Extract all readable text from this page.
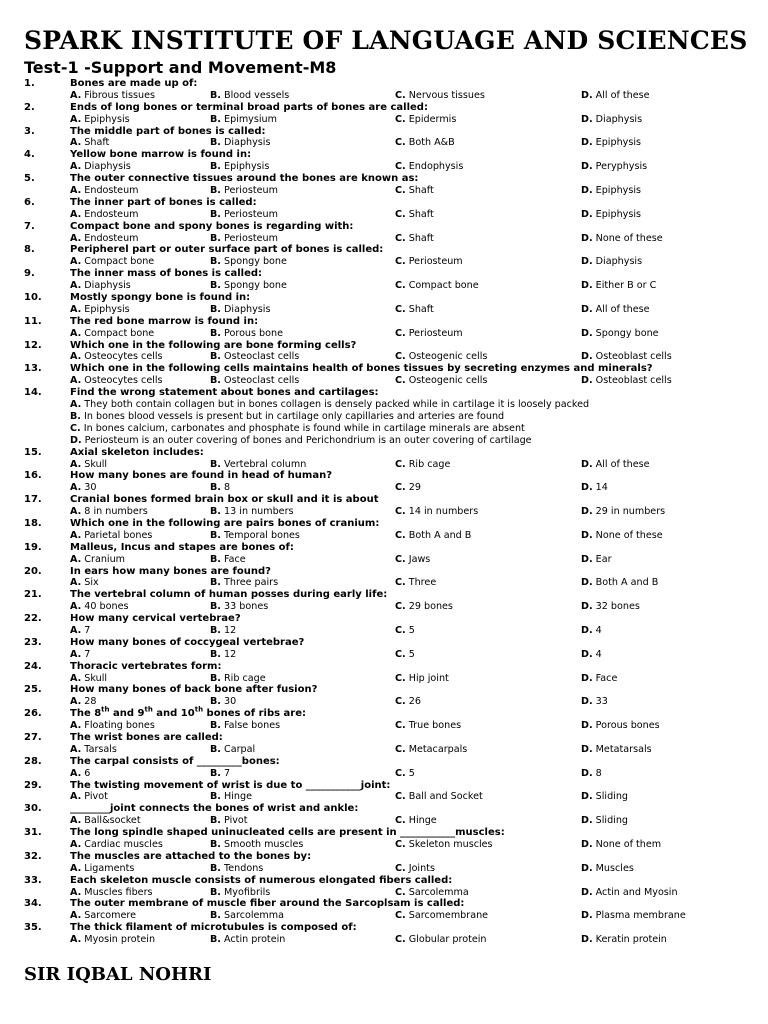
SPARK INSTITUTE OF LANGUAGE AND SCIENCES
Test-1 -Support and Movement-M8
1.	Bones are made up of:
A. Fibrous tissues	B. Blood vessels	C. Nervous tissues	D. All of these
2.	Ends of long bones or terminal broad parts of bones are called:
A. Epiphysis	B. Epimysium	C. Epidermis	D. Diaphysis
3.	The middle part of bones is called:
A. Shaft	B. Diaphysis	C. Both A&B	D. Epiphysis
4.	Yellow bone marrow is found in:
A. Diaphysis	B. Epiphysis	C. Endophysis	D. Peryphysis
5.	The outer connective tissues around the bones are known as:
A. Endosteum	B. Periosteum	C. Shaft	D. Epiphysis
6.	The inner part of bones is called:
A. Endosteum	B. Periosteum	C. Shaft	D. Epiphysis
7.	Compact bone and spony bones is regarding with:
A. Endosteum	B. Periosteum	C. Shaft	D. None of these
8.	Peripherel part or outer surface part of bones is called:
A. Compact bone	B. Spongy bone	C. Periosteum	D. Diaphysis
9.	The inner mass of bones is called:
A. Diaphysis	B. Spongy bone	C. Compact bone	D. Either B or C
10.	Mostly spongy bone is found in:
A. Epiphysis	B. Diaphysis	C. Shaft	D. All of these
11.	The red bone marrow is found in:
A. Compact bone	B. Porous bone	C. Periosteum	D. Spongy bone
12.	Which one in the following are bone forming cells?
A. Osteocytes cells	B. Osteoclast cells	C. Osteogenic cells	D. Osteoblast cells
13.	Which one in the following cells maintains health of bones tissues by secreting enzymes and minerals?
A. Osteocytes cells	B. Osteoclast cells	C. Osteogenic cells	D. Osteoblast cells
14.	Find the wrong statement about bones and cartilages:
A. They both contain collagen but in bones collagen is densely packed while in cartilage it is loosely packed
B. In bones blood vessels is present but in cartilage only capillaries and arteries are found
C. In bones calcium, carbonates and phosphate is found while in cartilage minerals are absent
D. Periosteum is an outer covering of bones and Perichondrium is an outer covering of cartilage
15.	Axial skeleton includes:
A. Skull	B. Vertebral column	C. Rib cage	D. All of these
16.	How many bones are found in head of human?
A. 30	B. 8	C. 29	D. 14
17.	Cranial bones formed brain box or skull and it is about
A. 8 in numbers	B. 13 in numbers	C. 14 in numbers	D. 29 in numbers
18.	Which one in the following are pairs bones of cranium:
A. Parietal bones	B. Temporal bones	C. Both A and B	D. None of these
19.	Malleus, Incus and stapes are bones of:
A. Cranium	B. Face	C. Jaws	D. Ear
20.	In ears how many bones are found?
A. Six	B. Three pairs	C. Three	D. Both A and B
21.	The vertebral column of human posses during early life:
A. 40 bones	B. 33 bones	C. 29 bones	D. 32 bones
22.	How many cervical vertebrae?
A. 7	B. 12	C. 5	D. 4
23.	How many bones of coccygeal vertebrae?
A. 7	B. 12	C. 5	D. 4
24.	Thoracic vertebrates form:
A. Skull	B. Rib cage	C. Hip joint	D. Face
25.	How many bones of back bone after fusion?
A. 28	B. 30	C. 26	D. 33
26.	The 8th and 9th and 10th bones of ribs are:
A. Floating bones	B. False bones	C. True bones	D. Porous bones
27.	The wrist bones are called:
A. Tarsals	B. Carpal	C. Metacarpals	D. Metatarsals
28.	The carpal consists of _________bones:
A. 6	B. 7	C. 5	D. 8
29.	The twisting movement of wrist is due to ___________joint:
A. Pivot	B. Hinge	C. Ball and Socket	D. Sliding
30.	________joint connects the bones of wrist and ankle:
A. Ball&socket	B. Pivot	C. Hinge	D. Sliding
31.	The long spindle shaped uninucleated cells are present in ___________muscles:
A. Cardiac muscles	B. Smooth muscles	C. Skeleton muscles	D. None of them
32.	The muscles are attached to the bones by:
A. Ligaments	B. Tendons	C. Joints	D. Muscles
33.	Each skeleton muscle consists of numerous elongated fibers called:
A. Muscles fibers	B. Myofibrils	C. Sarcolemma	D. Actin and Myosin
34.	The outer membrane of muscle fiber around the Sarcoplsam is called:
A. Sarcomere	B. Sarcolemma	C. Sarcomembrane	D. Plasma membrane
35.	The thick filament of microtubules is composed of:
A. Myosin protein	B. Actin protein	C. Globular protein	D. Keratin protein
SIR IQBAL NOHRI
